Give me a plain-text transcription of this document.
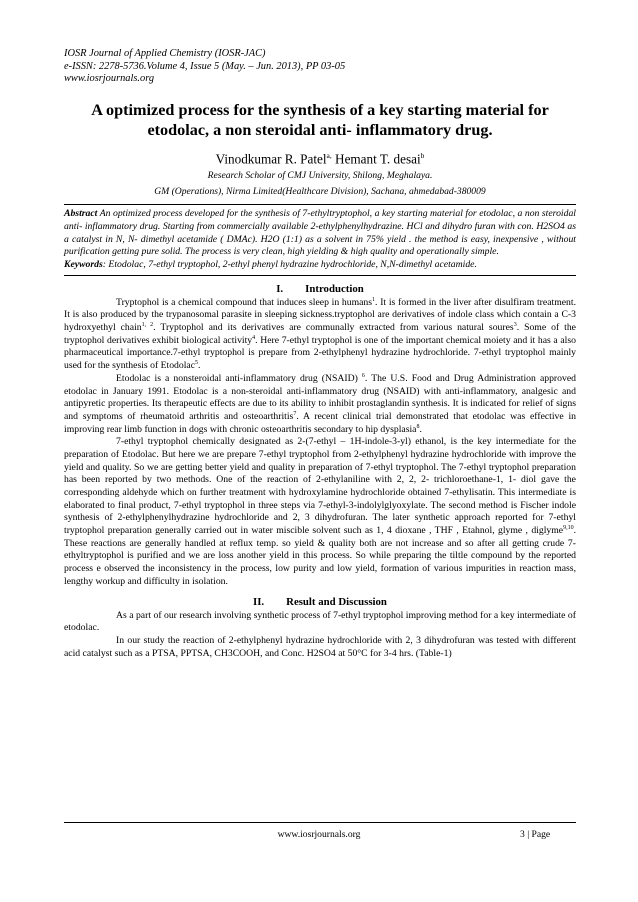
IOSR Journal of Applied Chemistry (IOSR-JAC)
e-ISSN: 2278-5736.Volume 4, Issue 5 (May. – Jun. 2013), PP 03-05
www.iosrjournals.org
A optimized process for the synthesis of a key starting material for etodolac, a non steroidal anti- inflammatory drug.
Vinodkumar R. Patel$^{a,}$ Hemant T. desai$^b$
Research Scholar of CMJ University, Shilong, Meghalaya.
GM (Operations), Nirma Limited(Healthcare Division), Sachana, ahmedabad-380009
Abstract An optimized process developed for the synthesis of 7-ethyltryptophol, a key starting material for etodolac, a non steroidal anti- inflammatory drug. Starting from commercially available 2-ethylphenylhydrazine. HCl and dihydro furan with con. H2SO4 as a catalyst in N, N- dimethyl acetamide ( DMAc). H2O (1:1) as a solvent in 75% yield . the method is easy, inexpensive , without purification getting pure solid. The process is very clean, high yielding & high quality and operationally simple.
Keywords: Etodolac, 7-ethyl tryptophol, 2-ethyl phenyl hydrazine hydrochloride, N,N-dimethyl acetamide.
I. Introduction

Tryptophol is a chemical compound that induces sleep in humans$^1$. It is formed in the liver after disulfiram treatment. It is also produced by the trypanosomal parasite in sleeping sickness.tryptophol are derivatives of indole class which contain a C-3 hydroxyethyl chain$^{1, 2}$. Tryptophol and its derivatives are communally extracted from various natural soures$^3$. Some of the tryptophol derivatives exhibit biological activity$^4$. Here 7-ethyl tryptophol is one of the important chemical moiety and it has a also pharmaceutical importance.7-ethyl tryptophol is prepare from 2-ethylphenyl hydrazine hydrochloride. 7-ethyl tryptophol mainly used for the synthesis of Etodolac$^5$.

Etodolac is a nonsteroidal anti-inflammatory drug (NSAID) $^6$. The U.S. Food and Drug Administration approved etodolac in January 1991. Etodolac is a non-steroidal anti-inflammatory drug (NSAID) with anti-inflammatory, analgesic and antipyretic properties. Its therapeutic effects are due to its ability to inhibit prostaglandin synthesis. It is indicated for relief of signs and symptoms of rheumatoid arthritis and osteoarthritis$^7$. A recent clinical trial demonstrated that etodolac was effective in improving rear limb function in dogs with chronic osteoarthritis secondary to hip dysplasia$^8$.

7-ethyl tryptophol chemically designated as 2-(7-ethyl – 1H-indole-3-yl) ethanol, is the key intermediate for the preparation of Etodolac. But here we are prepare 7-ethyl tryptophol from 2-ethylphenyl hydrazine hydrochloride with improve the yield and quality. So we are getting better yield and quality in preparation of 7-ethyl tryptophol. The 7-ethyl tryptophol preparation has been reported by two methods. One of the reaction of 2-ethylaniline with 2, 2, 2- trichloroethane-1, 1- diol gave the corresponding aldehyde which on further treatment with hydroxylamine hydrochloride obtained 7-ethylisatin. This intermediate is elaborated to final product, 7-ethyl tryptophol in three steps via 7-ethyl-3-indolylglyoxylate. The second method is Fischer indole synthesis of 2-ethylphenylhydrazine hydrochloride and 2, 3 dihydrofuran. The later synthetic approach reported for 7-ethyl tryptophol preparation generally carried out in water miscible solvent such as 1, 4 dioxane , THF , Etahnol, glyme , diglyme$^{9,10}$. These reactions are generally handled at reflux temp. so yield & quality both are not increase and so after all getting crude 7-ethyltryptophol is purified and we are loss another yield in this process. So while preparing the tiltle compound by the reported process e observed the inconsistency in the process, low purity and low yield, formation of various impurities in reaction mass, lengthy workup and difficulty in isolation.

II. Result and Discussion

As a part of our research involving synthetic process of 7-ethyl tryptophol improving method for a key intermediate of etodolac.

In our study the reaction of 2-ethylphenyl hydrazine hydrochloride with 2, 3 dihydrofuran was tested with different acid catalyst such as a PTSA, PPTSA, CH3COOH, and Conc. H2SO4 at 50°C for 3-4 hrs. (Table-1)

www.iosrjournals.org	3 | Page
